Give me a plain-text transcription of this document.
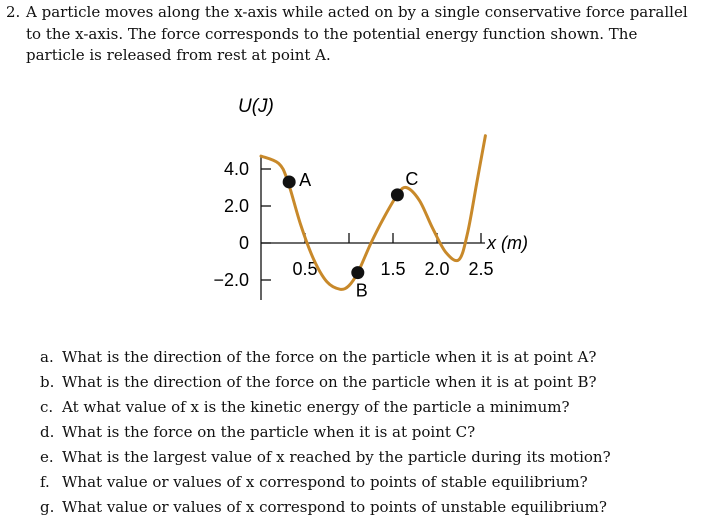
2. A particle moves along the x-axis while acted on by a single conservative force parallel to the x-axis. The force corresponds to the potential energy function shown. The particle is released from rest at point A.
U(J)
x (m)
4.0
2.0
0
−2.0
0.5	1.5 2.0 2.5
A
B
C
a. What is the direction of the force on the particle when it is at point A?
b. What is the direction of the force on the particle when it is at point B?
c. At what value of x is the kinetic energy of the particle a minimum?
d. What is the force on the particle when it is at point C?
e. What is the largest value of x reached by the particle during its motion?
f. What value or values of x correspond to points of stable equilibrium?
g. What value or values of x correspond to points of unstable equilibrium?
